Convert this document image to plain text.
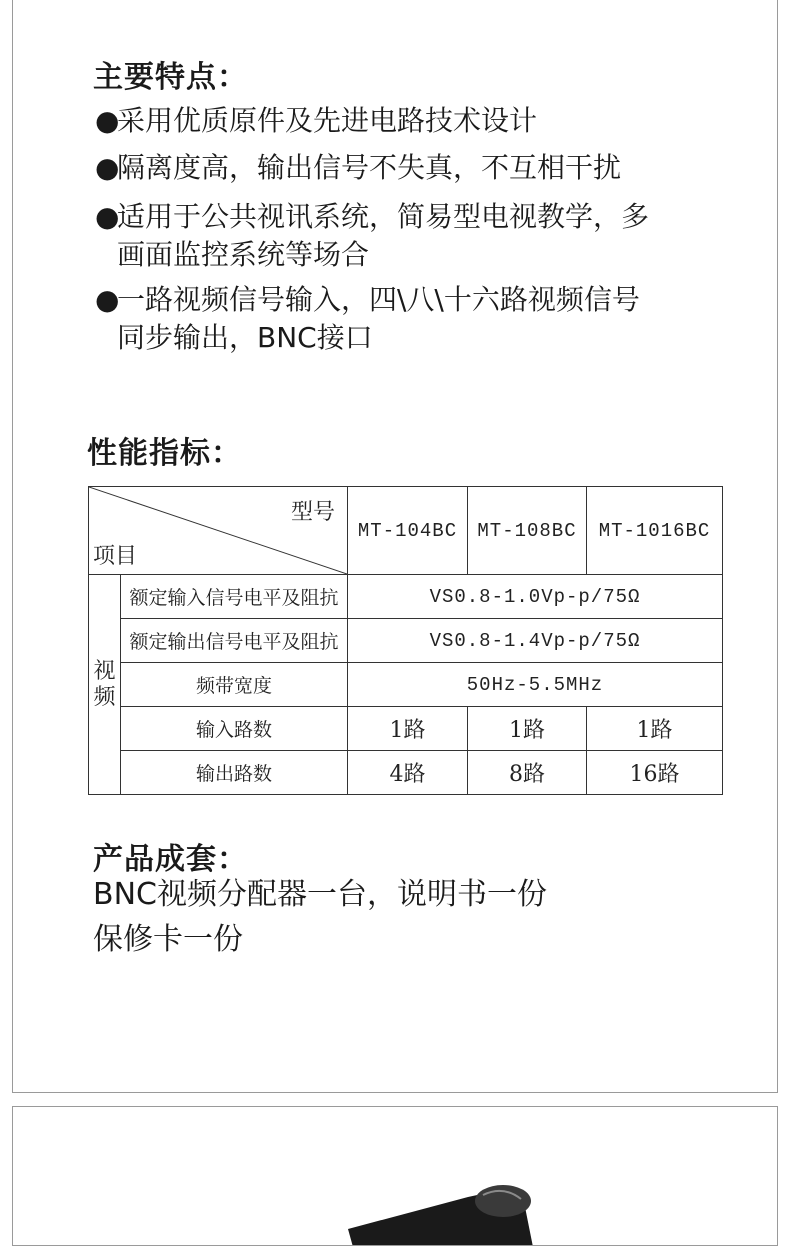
主要特点：
●采用优质原件及先进电路技术设计
●隔离度高，输出信号不失真，不互相干扰
●适用于公共视讯系统，简易型电视教学，多
画面监控系统等场合
●一路视频信号输入，四\八\十六路视频信号
同步输出，BNC接口
性能指标：
型号
项目		MT-104BC	MT-108BC	MT-1016BC
视频	额定输入信号电平及阻抗	VS0.8-1.0Vp-p/75Ω		
	额定输出信号电平及阻抗	VS0.8-1.4Vp-p/75Ω		
	频带宽度	50Hz-5.5MHz		
	输入路数	1路	1路	1路
	输出路数	4路	8路	16路
产品成套：
BNC视频分配器一台，说明书一份
保修卡一份
